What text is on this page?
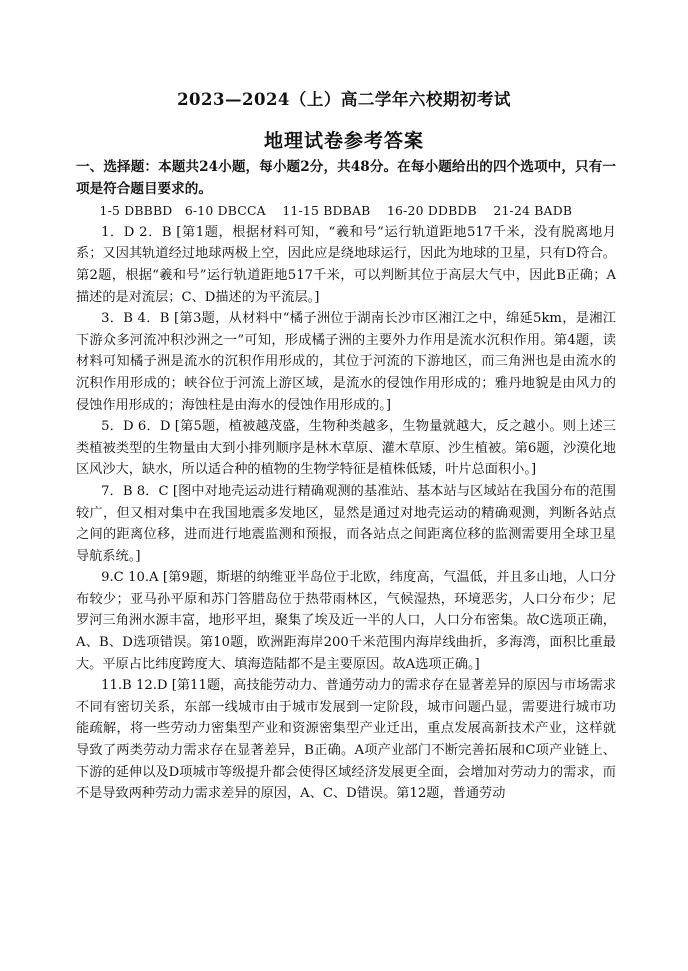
2023—2024（上）高二学年六校期初考试
地理试卷参考答案

一、选择题：本题共24小题，每小题2分，共48分。在每小题给出的四个选项中，只有一项是符合题目要求的。

1-5 DBBBD   6-10 DBCCA    11-15 BDBAB    16-20 DDBDB    21-24 BADB

1．D 2．B [第1题，根据材料可知，“羲和号”运行轨道距地517千米，没有脱离地月系；又因其轨道经过地球两极上空，因此应是绕地球运行，因此为地球的卫星，只有D符合。第2题，根据“羲和号”运行轨道距地517千米，可以判断其位于高层大气中，因此B正确；A描述的是对流层；C、D描述的为平流层。]

3．B 4．B [第3题，从材料中“橘子洲位于湖南长沙市区湘江之中，绵延5km，是湘江下游众多河流冲积沙洲之一”可知，形成橘子洲的主要外力作用是流水沉积作用。第4题，读材料可知橘子洲是流水的沉积作用形成的，其位于河流的下游地区，而三角洲也是由流水的沉积作用形成的；峡谷位于河流上游区域，是流水的侵蚀作用形成的；雅丹地貌是由风力的侵蚀作用形成的；海蚀柱是由海水的侵蚀作用形成的。]

5．D 6．D [第5题，植被越茂盛，生物种类越多，生物量就越大，反之越小。则上述三类植被类型的生物量由大到小排列顺序是林木草原、灌木草原、沙生植被。第6题，沙漠化地区风沙大，缺水，所以适合种的植物的生物学特征是植株低矮，叶片总面积小。]

7．B 8．C [图中对地壳运动进行精确观测的基准站、基本站与区域站在我国分布的范围较广，但又相对集中在我国地震多发地区，显然是通过对地壳运动的精确观测，判断各站点之间的距离位移，进而进行地震监测和预报，而各站点之间距离位移的监测需要用全球卫星导航系统。]

9.C 10.A [第9题，斯堪的纳维亚半岛位于北欧，纬度高，气温低，并且多山地，人口分布较少；亚马孙平原和苏门答腊岛位于热带雨林区，气候湿热，环境恶劣，人口分布少；尼罗河三角洲水源丰富，地形平坦，聚集了埃及近一半的人口，人口分布密集。故C选项正确，A、B、D选项错误。第10题，欧洲距海岸200千米范围内海岸线曲折，多海湾，面积比重最大。平原占比纬度跨度大、填海造陆都不是主要原因。故A选项正确。]

11.B 12.D [第11题，高技能劳动力、普通劳动力的需求存在显著差异的原因与市场需求不同有密切关系，东部一线城市由于城市发展到一定阶段，城市问题凸显，需要进行城市功能疏解，将一些劳动力密集型产业和资源密集型产业迁出，重点发展高新技术产业，这样就导致了两类劳动力需求存在显著差异，B正确。A项产业部门不断完善拓展和C项产业链上、下游的延伸以及D项城市等级提升都会使得区域经济发展更全面，会增加对劳动力的需求，而不是导致两种劳动力需求差异的原因，A、C、D错误。第12题，普通劳动
